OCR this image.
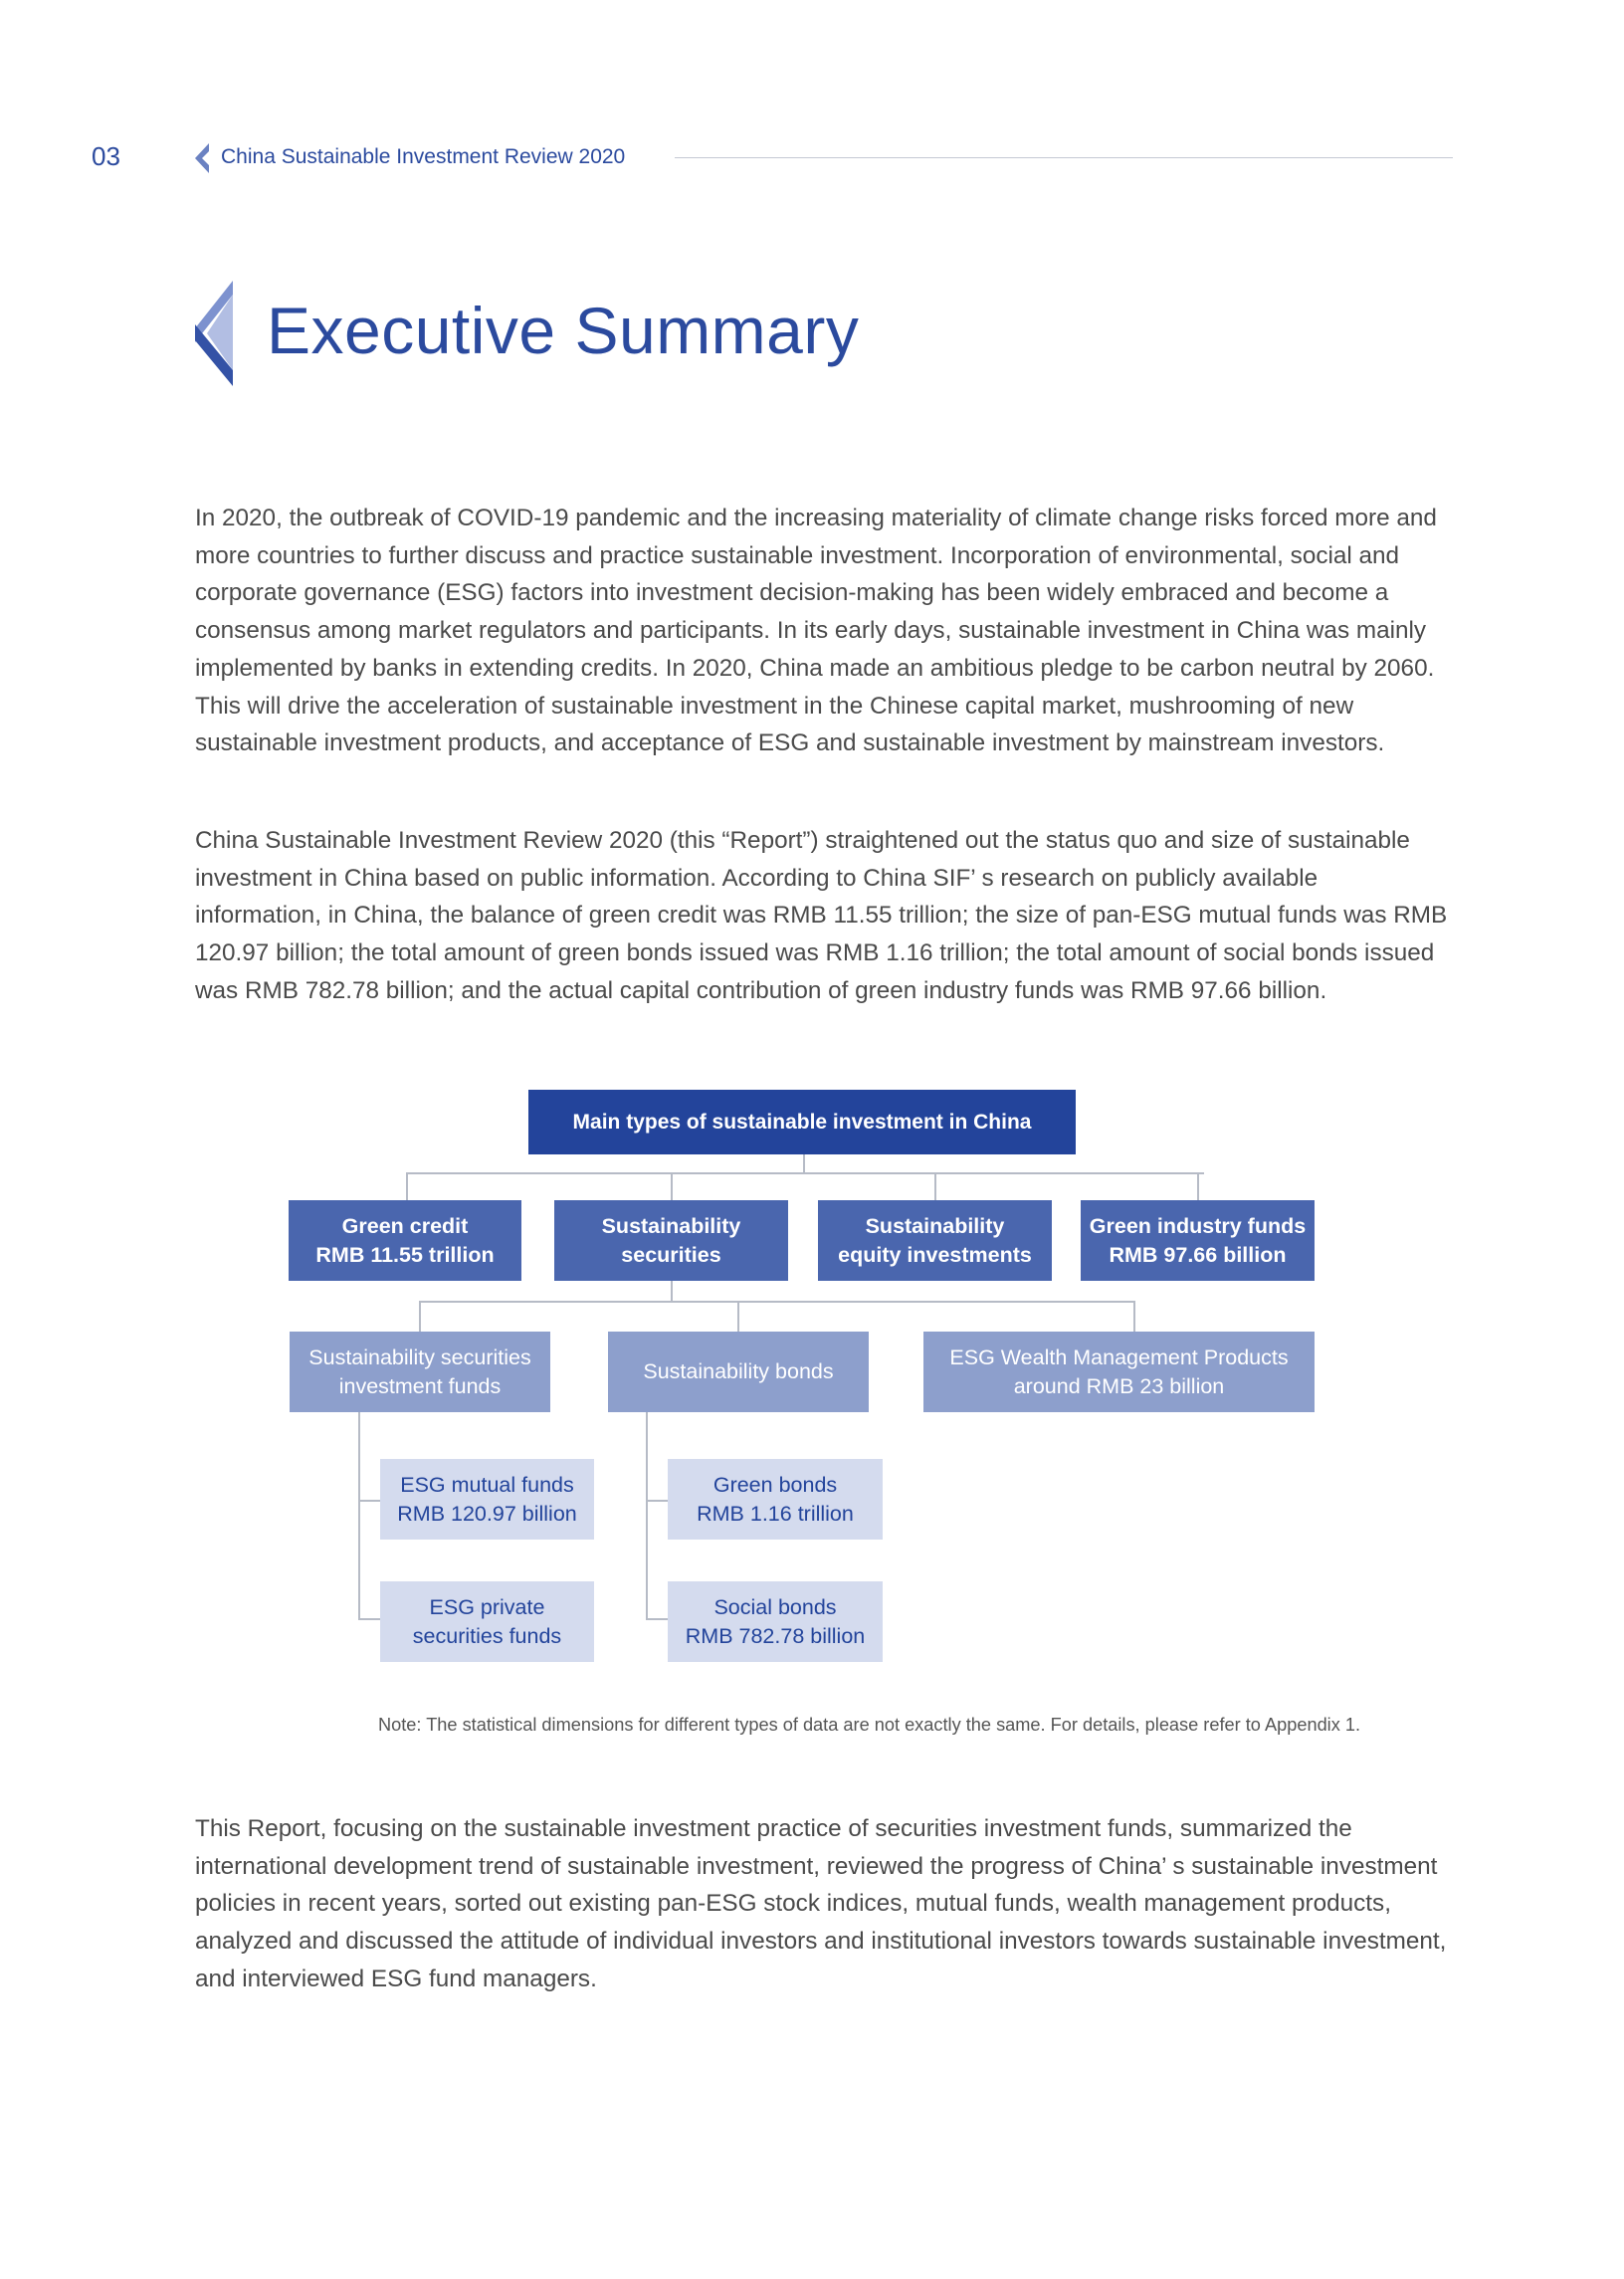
03	China Sustainable Investment Review 2020
Executive Summary

In 2020, the outbreak of COVID-19 pandemic and the increasing materiality of climate change risks forced more and more countries to further discuss and practice sustainable investment. Incorporation of environmental, social and corporate governance (ESG) factors into investment decision-making has been widely embraced and become a consensus among market regulators and participants. In its early days, sustainable investment in China was mainly implemented by banks in extending credits. In 2020, China made an ambitious pledge to be carbon neutral by 2060. This will drive the acceleration of sustainable investment in the Chinese capital market, mushrooming of new sustainable investment products, and acceptance of ESG and sustainable investment by mainstream investors.

China Sustainable Investment Review 2020 (this “Report”) straightened out the status quo and size of sustainable investment in China based on public information. According to China SIF’ s research on publicly available information, in China, the balance of green credit was RMB 11.55 trillion; the size of pan-ESG mutual funds was RMB 120.97 billion; the total amount of green bonds issued was RMB 1.16 trillion; the total amount of social bonds issued was RMB 782.78 billion; and the actual capital contribution of green industry funds was RMB 97.66 billion.

Main types of sustainable investment in China
Green credit
RMB 11.55 trillion
Sustainability
securities
Sustainability
equity investments
Green industry funds
RMB 97.66 billion
Sustainability securities
investment funds
Sustainability bonds
ESG Wealth Management Products
around RMB 23 billion
ESG mutual funds
RMB 120.97 billion
ESG private
securities funds
Green bonds
RMB 1.16 trillion
Social bonds
RMB 782.78 billion
Note: The statistical dimensions for different types of data are not exactly the same. For details, please refer to Appendix 1.

This Report, focusing on the sustainable investment practice of securities investment funds, summarized the international development trend of sustainable investment, reviewed the progress of China’ s sustainable investment policies in recent years, sorted out existing pan-ESG stock indices, mutual funds, wealth management products, analyzed and discussed the attitude of individual investors and institutional investors towards sustainable investment, and interviewed ESG fund managers.
